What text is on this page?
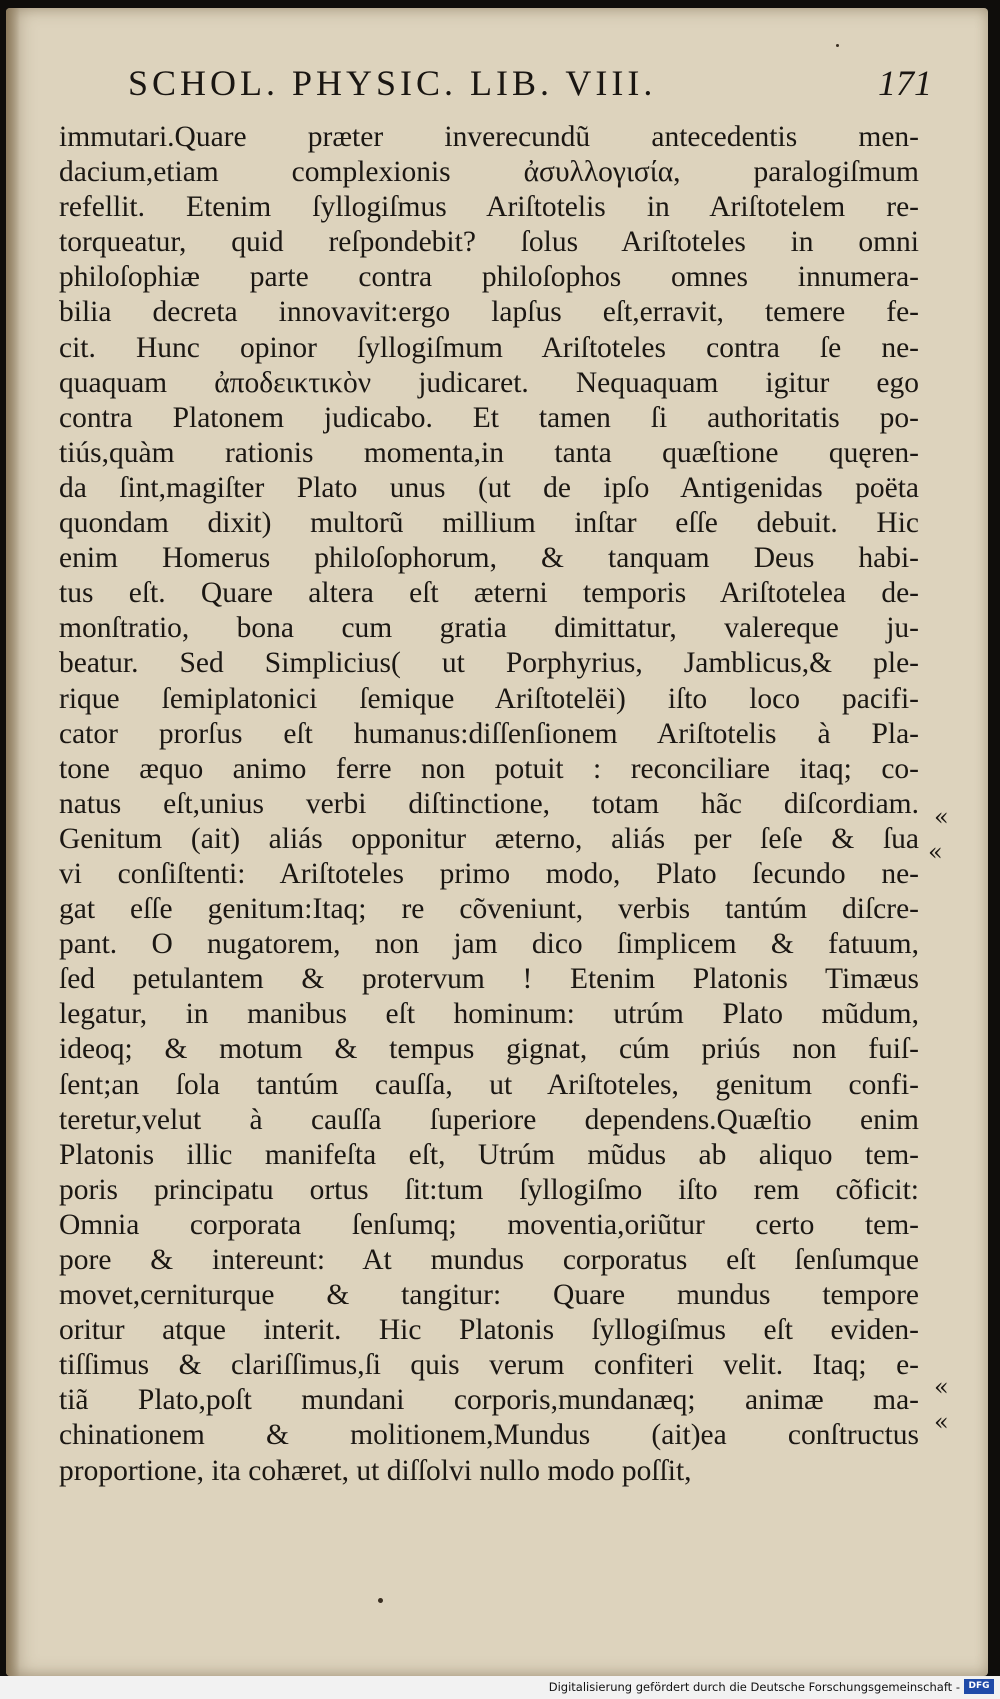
SCHOL. PHYSIC. LIB. VIII.	171
immutari.Quare præter inverecundũ antecedentis men-
dacium,etiam complexionis ἀσυλλογισία, paralogiſmum
refellit. Etenim ſyllogiſmus Ariſtotelis in Ariſtotelem re-
torqueatur, quid reſpondebit? ſolus Ariſtoteles in omni
philoſophiæ parte contra philoſophos omnes innumera-
bilia decreta innovavit:ergo lapſus eſt,erravit, temere fe-
cit. Hunc opinor ſyllogiſmum Ariſtoteles contra ſe ne-
quaquam ἀποδεικτικὸν judicaret. Nequaquam igitur ego
contra Platonem judicabo. Et tamen ſi authoritatis po-
tiús,quàm rationis momenta,in tanta quæſtione quęren-
da ſint,magiſter Plato unus (ut de ipſo Antigenidas poëta
quondam dixit) multorũ millium inſtar eſſe debuit. Hic
enim Homerus philoſophorum, & tanquam Deus habi-
tus eſt. Quare altera eſt æterni temporis Ariſtotelea de-
monſtratio, bona cum gratia dimittatur, valereque ju-
beatur. Sed Simplicius( ut Porphyrius, Jamblicus,& ple-
rique ſemiplatonici ſemique Ariſtotelëi) iſto loco pacifi-
cator prorſus eſt humanus:diſſenſionem Ariſtotelis à Pla-
tone æquo animo ferre non potuit : reconciliare itaq; co-
natus eſt,unius verbi diſtinctione, totam hãc diſcordiam.
Genitum (ait) aliás opponitur æterno, aliás per ſeſe & ſua
vi conſiſtenti: Ariſtoteles primo modo, Plato ſecundo ne-
gat eſſe genitum:Itaq; re cõveniunt, verbis tantúm diſcre-
pant. O nugatorem, non jam dico ſimplicem & fatuum,
ſed petulantem & protervum ! Etenim Platonis Timæus
legatur, in manibus eſt hominum: utrúm Plato mũdum,
ideoq; & motum & tempus gignat, cúm priús non fuiſ-
ſent;an ſola tantúm cauſſa, ut Ariſtoteles, genitum confi-
teretur,velut à cauſſa ſuperiore dependens.Quæſtio enim
Platonis illic manifeſta eſt, Utrúm mũdus ab aliquo tem-
poris principatu ortus ſit:tum ſyllogiſmo iſto rem cõficit:
Omnia corporata ſenſumq; moventia,oriũtur certo tem-
pore & intereunt: At mundus corporatus eſt ſenſumque
movet,cerniturque & tangitur: Quare mundus tempore
oritur atque interit. Hic Platonis ſyllogiſmus eſt eviden-
tiſſimus & clariſſimus,ſi quis verum confiteri velit. Itaq; e-
tiã Plato,poſt mundani corporis,mundanæq; animæ ma-
chinationem & molitionem,Mundus (ait)ea conſtructus
proportione, ita cohæret, ut diſſolvi nullo modo poſſit,
«
«
«
«
Digitalisierung gefördert durch die Deutsche Forschungsgemeinschaft - DFG
